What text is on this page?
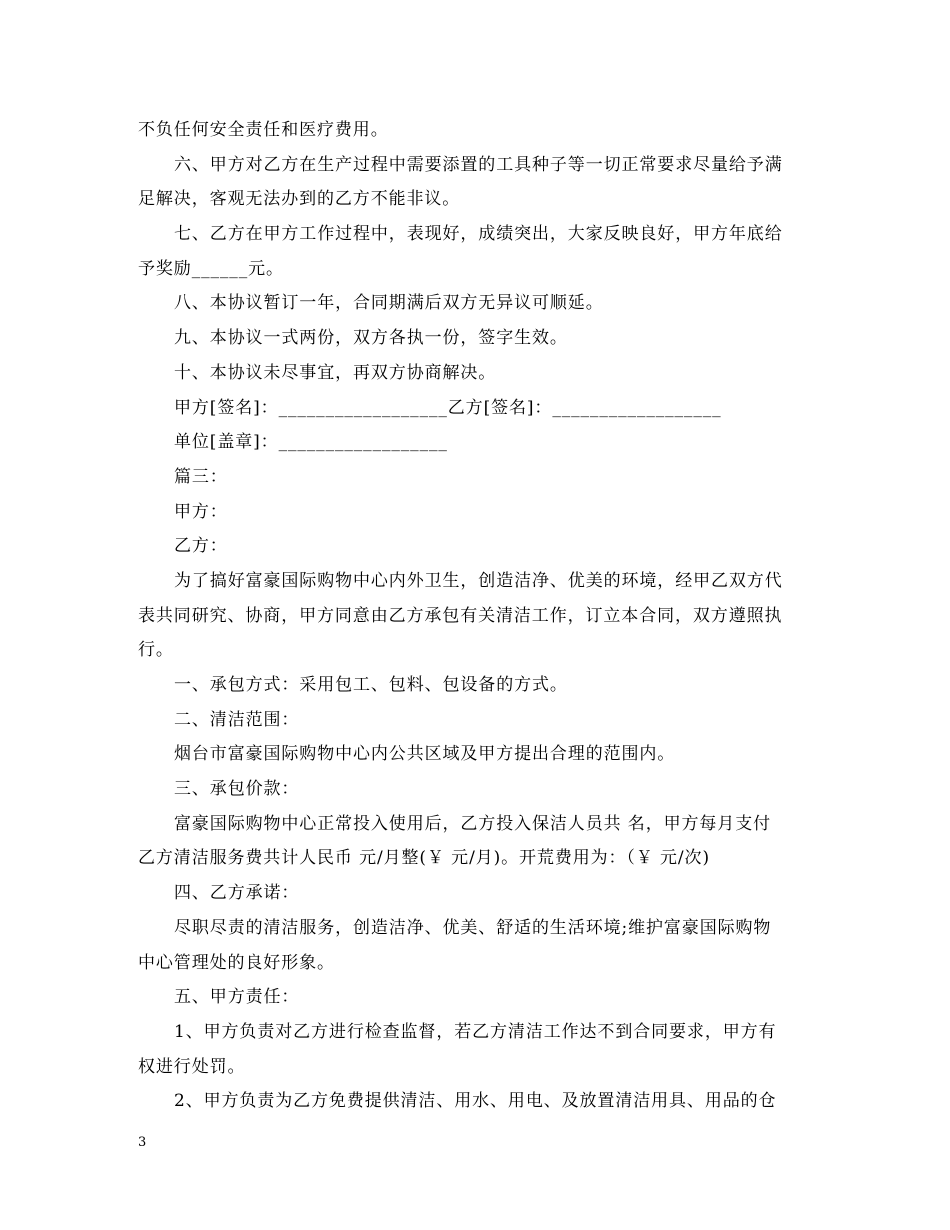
不负任何安全责任和医疗费用。
六、甲方对乙方在生产过程中需要添置的工具种子等一切正常要求尽量给予满
足解决，客观无法办到的乙方不能非议。
七、乙方在甲方工作过程中，表现好，成绩突出，大家反映良好，甲方年底给
予奖励______元。
八、本协议暂订一年，合同期满后双方无异议可顺延。
九、本协议一式两份，双方各执一份，签字生效。
十、本协议未尽事宜，再双方协商解决。
甲方[签名]：__________________乙方[签名]：__________________
单位[盖章]：__________________
篇三：
甲方：
乙方：
为了搞好富豪国际购物中心内外卫生，创造洁净、优美的环境，经甲乙双方代
表共同研究、协商，甲方同意由乙方承包有关清洁工作，订立本合同，双方遵照执
行。
一、承包方式：采用包工、包料、包设备的方式。
二、清洁范围：
烟台市富豪国际购物中心内公共区域及甲方提出合理的范围内。
三、承包价款：
富豪国际购物中心正常投入使用后，乙方投入保洁人员共 名，甲方每月支付
乙方清洁服务费共计人民币 元/月整(￥ 元/月)。开荒费用为：（￥ 元/次)
四、乙方承诺：
尽职尽责的清洁服务，创造洁净、优美、舒适的生活环境;维护富豪国际购物
中心管理处的良好形象。
五、甲方责任：
1、甲方负责对乙方进行检查监督，若乙方清洁工作达不到合同要求，甲方有
权进行处罚。
2、甲方负责为乙方免费提供清洁、用水、用电、及放置清洁用具、用品的仓
3
